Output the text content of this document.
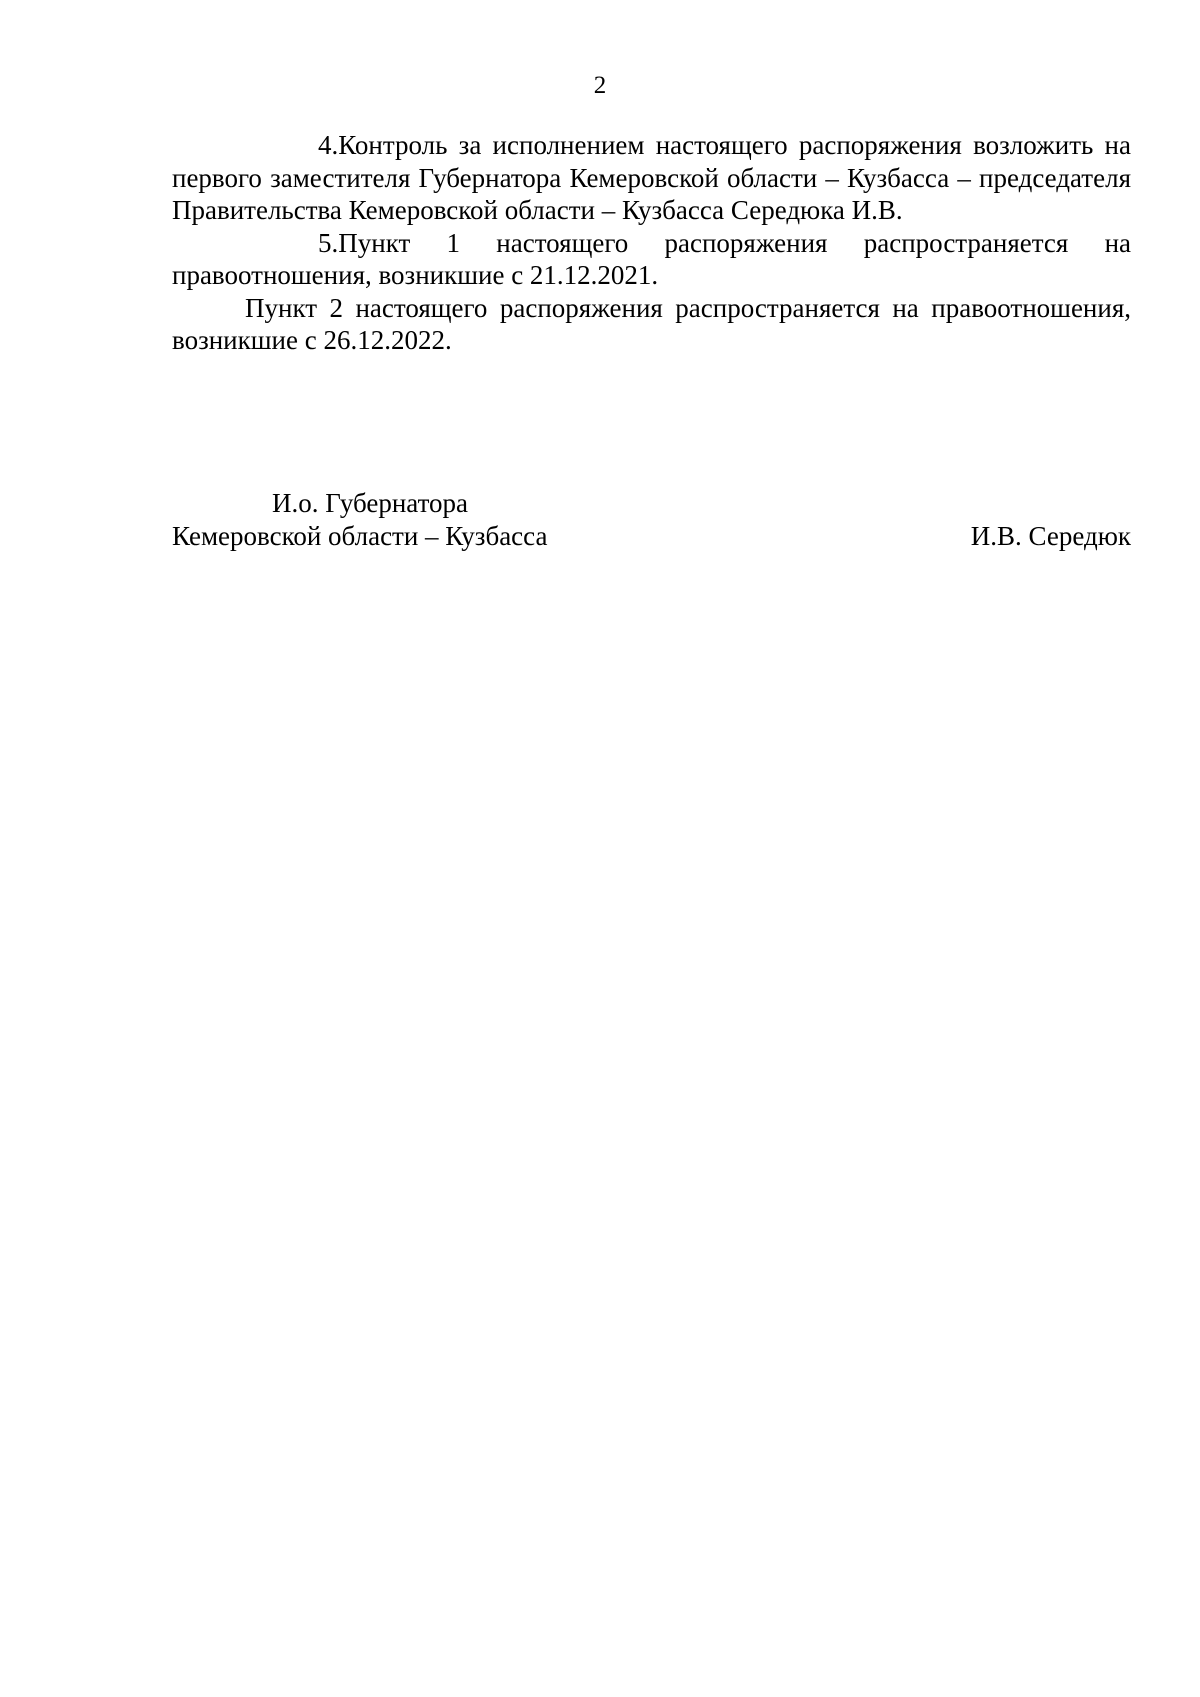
2

4.Контроль за исполнением настоящего распоряжения возложить на первого заместителя Губернатора Кемеровской области – Кузбасса – председателя Правительства Кемеровской области – Кузбасса Середюка И.В.

5.Пункт 1 настоящего распоряжения распространяется на правоотношения, возникшие с 21.12.2021.

Пункт 2 настоящего распоряжения распространяется на правоотношения, возникшие с 26.12.2022.

И.о. Губернатора
Кемеровской области – Кузбасса	И.В. Середюк
